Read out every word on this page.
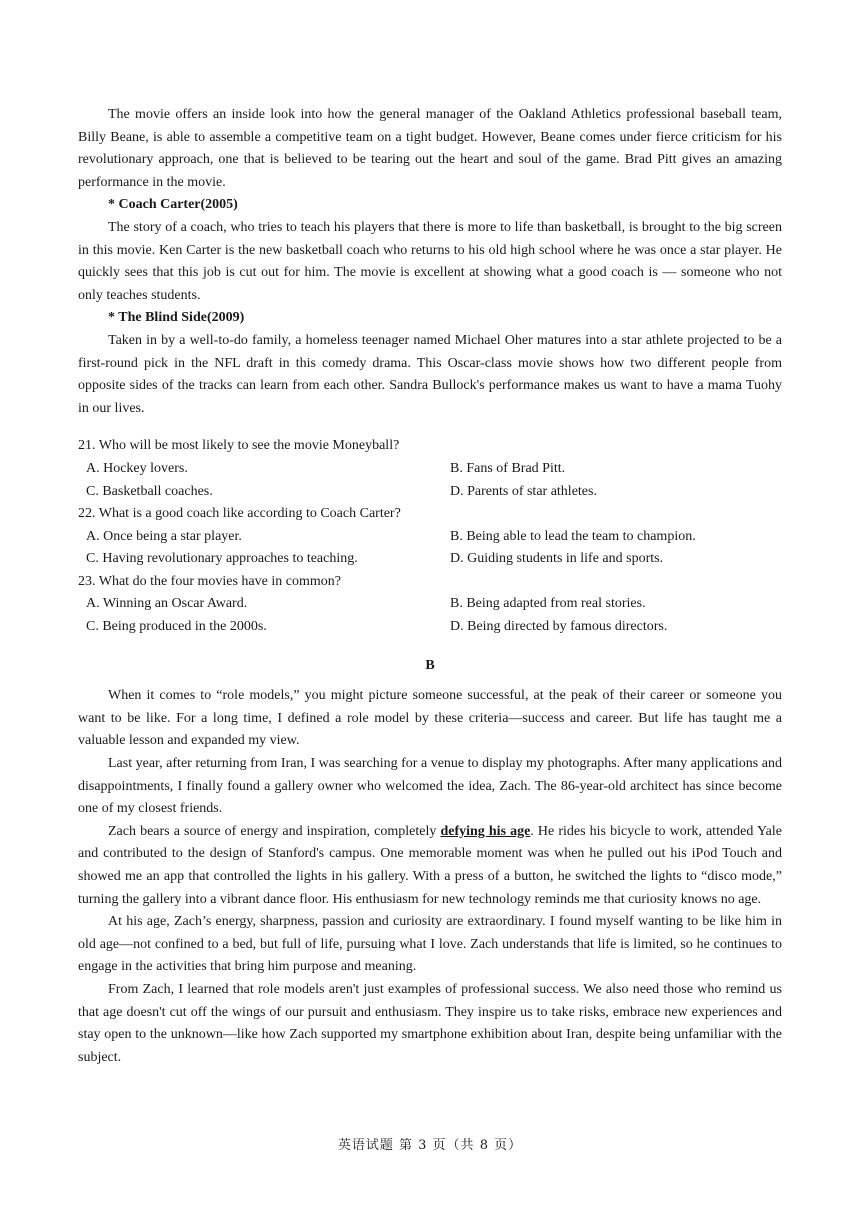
The movie offers an inside look into how the general manager of the Oakland Athletics professional baseball team, Billy Beane, is able to assemble a competitive team on a tight budget. However, Beane comes under fierce criticism for his revolutionary approach, one that is believed to be tearing out the heart and soul of the game. Brad Pitt gives an amazing performance in the movie.

* Coach Carter(2005)

The story of a coach, who tries to teach his players that there is more to life than basketball, is brought to the big screen in this movie. Ken Carter is the new basketball coach who returns to his old high school where he was once a star player. He quickly sees that this job is cut out for him. The movie is excellent at showing what a good coach is — someone who not only teaches students.

* The Blind Side(2009)

Taken in by a well-to-do family, a homeless teenager named Michael Oher matures into a star athlete projected to be a first-round pick in the NFL draft in this comedy drama. This Oscar-class movie shows how two different people from opposite sides of the tracks can learn from each other. Sandra Bullock's performance makes us want to have a mama Tuohy in our lives.

21. Who will be most likely to see the movie Moneyball?

A. Hockey lovers.	B. Fans of Brad Pitt.
C. Basketball coaches.	D. Parents of star athletes.

22. What is a good coach like according to Coach Carter?

A. Once being a star player.	B. Being able to lead the team to champion.
C. Having revolutionary approaches to teaching.	D. Guiding students in life and sports.

23. What do the four movies have in common?

A. Winning an Oscar Award.	B. Being adapted from real stories.
C. Being produced in the 2000s.	D. Being directed by famous directors.

B

When it comes to “role models,” you might picture someone successful, at the peak of their career or someone you want to be like. For a long time, I defined a role model by these criteria—success and career. But life has taught me a valuable lesson and expanded my view.

Last year, after returning from Iran, I was searching for a venue to display my photographs. After many applications and disappointments, I finally found a gallery owner who welcomed the idea, Zach. The 86-year-old architect has since become one of my closest friends.

Zach bears a source of energy and inspiration, completely defying his age. He rides his bicycle to work, attended Yale and contributed to the design of Stanford's campus. One memorable moment was when he pulled out his iPod Touch and showed me an app that controlled the lights in his gallery. With a press of a button, he switched the lights to “disco mode,” turning the gallery into a vibrant dance floor. His enthusiasm for new technology reminds me that curiosity knows no age.

At his age, Zach’s energy, sharpness, passion and curiosity are extraordinary. I found myself wanting to be like him in old age—not confined to a bed, but full of life, pursuing what I love. Zach understands that life is limited, so he continues to engage in the activities that bring him purpose and meaning.

From Zach, I learned that role models aren't just examples of professional success. We also need those who remind us that age doesn't cut off the wings of our pursuit and enthusiasm. They inspire us to take risks, embrace new experiences and stay open to the unknown—like how Zach supported my smartphone exhibition about Iran, despite being unfamiliar with the subject.

英语试题 第 3 页（共 8 页）
